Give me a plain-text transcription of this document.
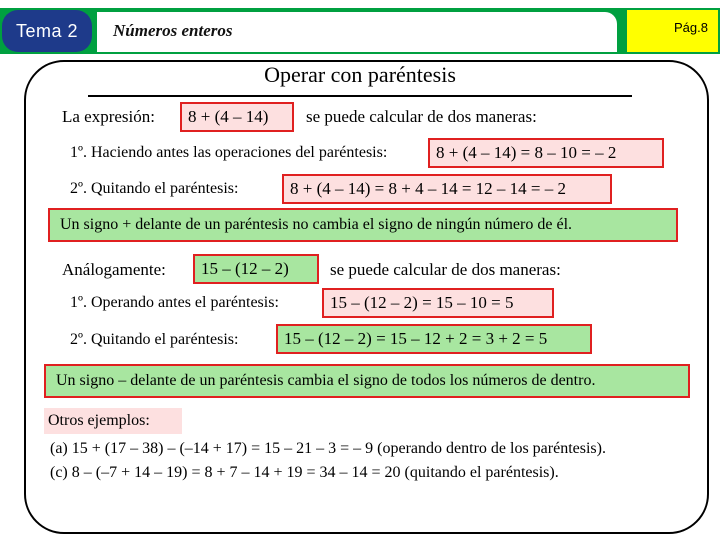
Tema 2	Números enteros	Pág.8
Operar con paréntesis
La expresión:	8 + (4 – 14)	se puede calcular de dos maneras:
1º. Haciendo antes las operaciones del paréntesis:	8 + (4 – 14) = 8 – 10 = – 2
2º. Quitando el paréntesis:	8 + (4 – 14) = 8 + 4 – 14 = 12 – 14 = – 2
Un signo + delante de un paréntesis no cambia el signo de ningún número de él.
Análogamente:	15 – (12 – 2)	se puede calcular de dos maneras:
1º. Operando antes el paréntesis:	15 – (12 – 2) = 15 – 10 = 5
2º. Quitando el paréntesis:	15 – (12 – 2) = 15 – 12 + 2 = 3 + 2 = 5
Un signo – delante de un paréntesis cambia el signo de todos los números de dentro.
Otros ejemplos:
(a) 15 + (17 – 38) – (–14 + 17) = 15 – 21 – 3 = – 9 (operando dentro de los paréntesis).
(c) 8 – (–7 + 14 – 19) = 8 + 7 – 14 + 19 = 34 – 14 = 20 (quitando el paréntesis).
